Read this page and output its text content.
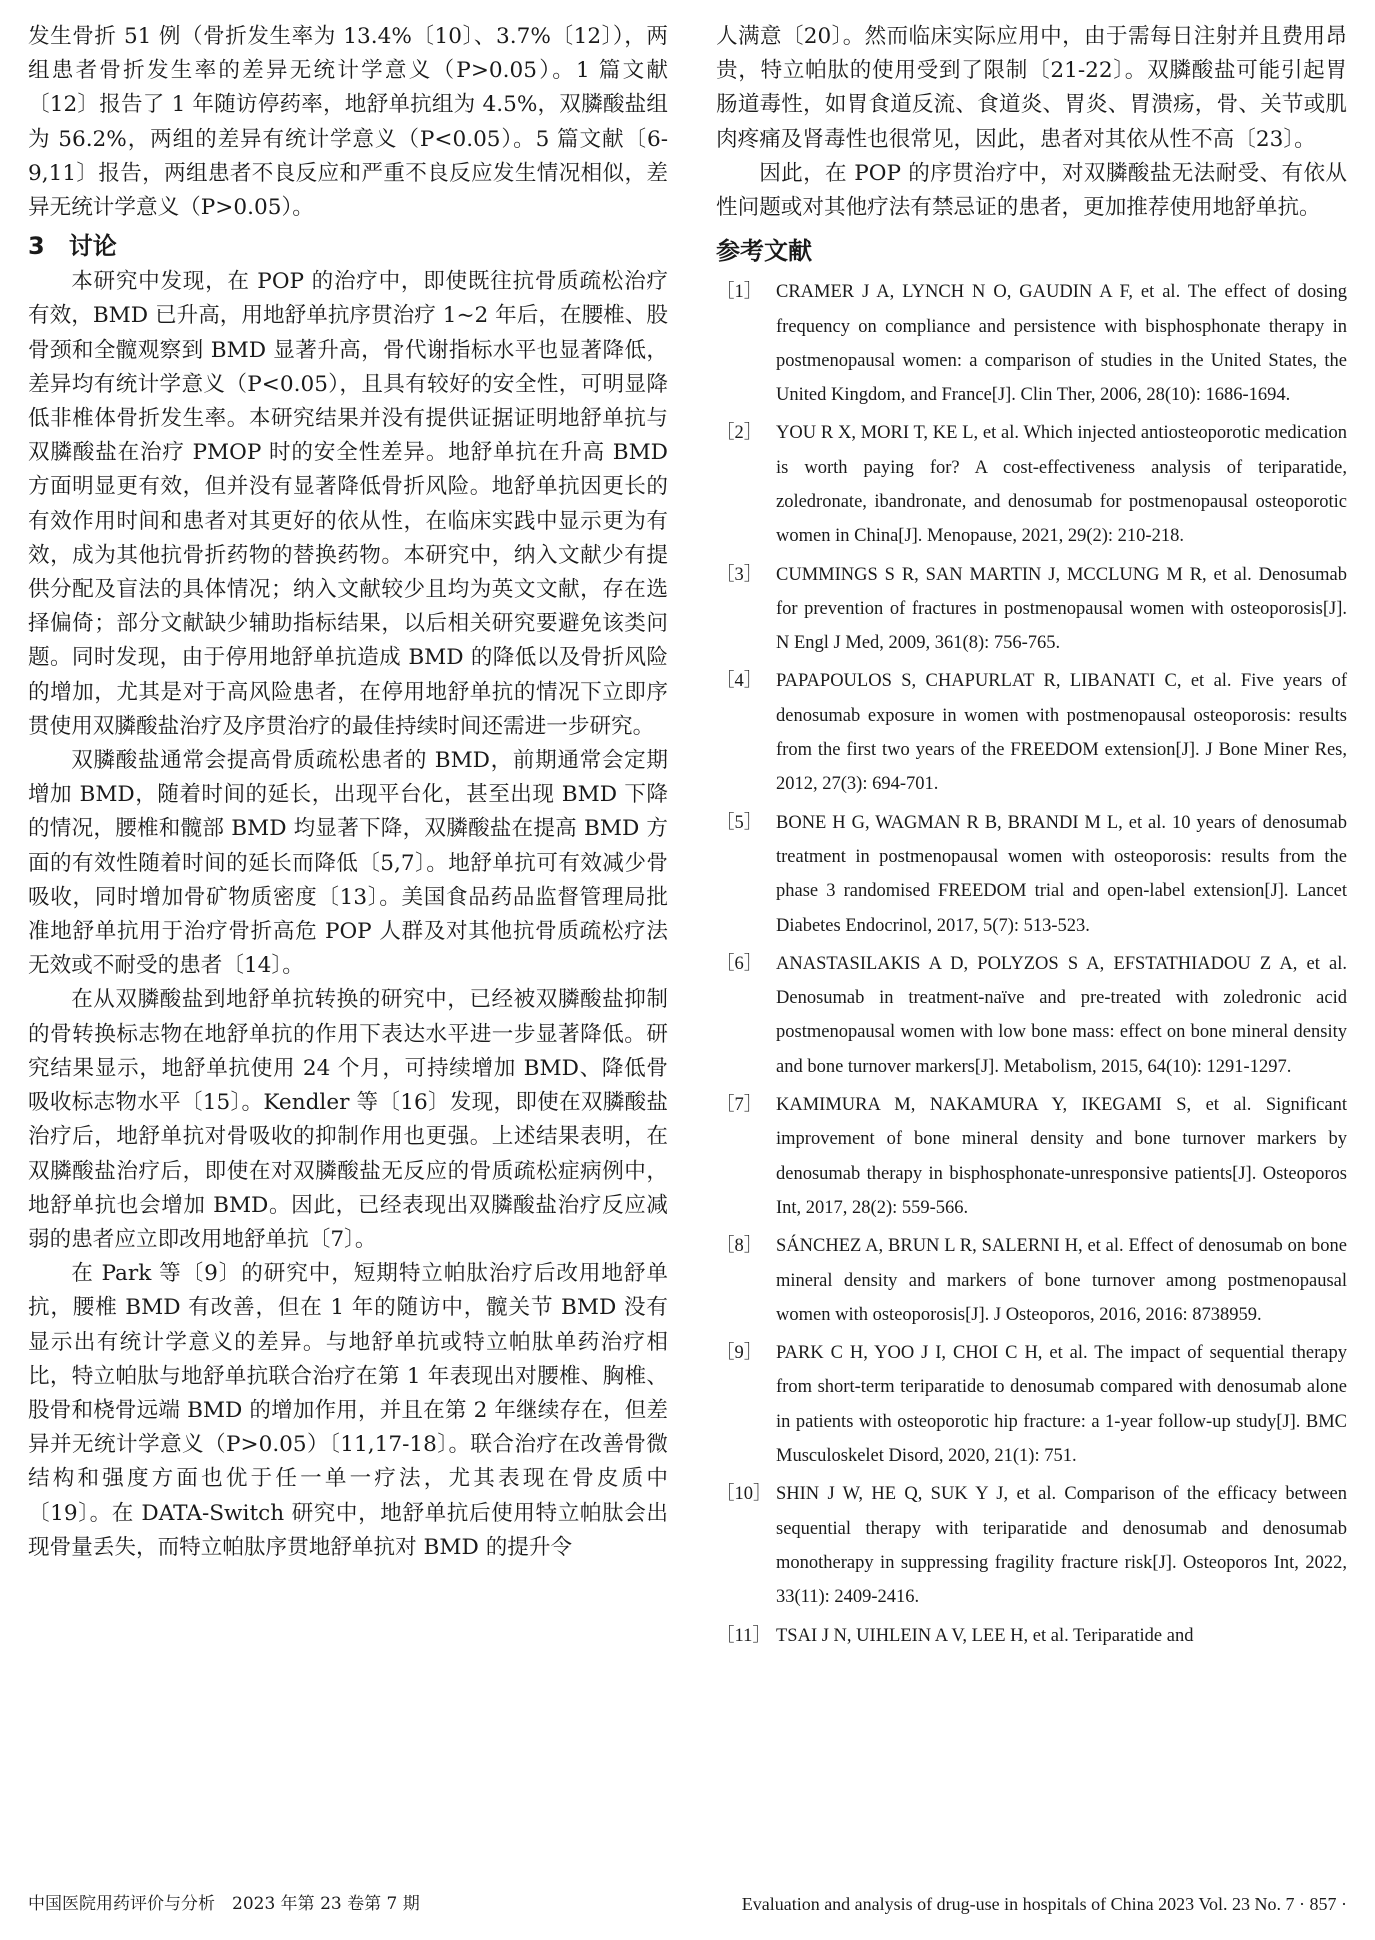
发生骨折 51 例（骨折发生率为 13.4%〔10〕、3.7%〔12〕），两组患者骨折发生率的差异无统计学意义（P>0.05）。1 篇文献〔12〕报告了 1 年随访停药率，地舒单抗组为 4.5%，双膦酸盐组为 56.2%，两组的差异有统计学意义（P<0.05）。5 篇文献〔6-9,11〕报告，两组患者不良反应和严重不良反应发生情况相似，差异无统计学意义（P>0.05）。

3　讨论

本研究中发现，在 POP 的治疗中，即使既往抗骨质疏松治疗有效，BMD 已升高，用地舒单抗序贯治疗 1~2 年后，在腰椎、股骨颈和全髋观察到 BMD 显著升高，骨代谢指标水平也显著降低，差异均有统计学意义（P<0.05），且具有较好的安全性，可明显降低非椎体骨折发生率。本研究结果并没有提供证据证明地舒单抗与双膦酸盐在治疗 PMOP 时的安全性差异。地舒单抗在升高 BMD 方面明显更有效，但并没有显著降低骨折风险。地舒单抗因更长的有效作用时间和患者对其更好的依从性，在临床实践中显示更为有效，成为其他抗骨折药物的替换药物。本研究中，纳入文献少有提供分配及盲法的具体情况；纳入文献较少且均为英文文献，存在选择偏倚；部分文献缺少辅助指标结果，以后相关研究要避免该类问题。同时发现，由于停用地舒单抗造成 BMD 的降低以及骨折风险的增加，尤其是对于高风险患者，在停用地舒单抗的情况下立即序贯使用双膦酸盐治疗及序贯治疗的最佳持续时间还需进一步研究。

双膦酸盐通常会提高骨质疏松患者的 BMD，前期通常会定期增加 BMD，随着时间的延长，出现平台化，甚至出现 BMD 下降的情况，腰椎和髋部 BMD 均显著下降，双膦酸盐在提高 BMD 方面的有效性随着时间的延长而降低〔5,7〕。地舒单抗可有效减少骨吸收，同时增加骨矿物质密度〔13〕。美国食品药品监督管理局批准地舒单抗用于治疗骨折高危 POP 人群及对其他抗骨质疏松疗法无效或不耐受的患者〔14〕。

在从双膦酸盐到地舒单抗转换的研究中，已经被双膦酸盐抑制的骨转换标志物在地舒单抗的作用下表达水平进一步显著降低。研究结果显示，地舒单抗使用 24 个月，可持续增加 BMD、降低骨吸收标志物水平〔15〕。Kendler 等〔16〕发现，即使在双膦酸盐治疗后，地舒单抗对骨吸收的抑制作用也更强。上述结果表明，在双膦酸盐治疗后，即使在对双膦酸盐无反应的骨质疏松症病例中，地舒单抗也会增加 BMD。因此，已经表现出双膦酸盐治疗反应减弱的患者应立即改用地舒单抗〔7〕。

在 Park 等〔9〕的研究中，短期特立帕肽治疗后改用地舒单抗，腰椎 BMD 有改善，但在 1 年的随访中，髋关节 BMD 没有显示出有统计学意义的差异。与地舒单抗或特立帕肽单药治疗相比，特立帕肽与地舒单抗联合治疗在第 1 年表现出对腰椎、胸椎、股骨和桡骨远端 BMD 的增加作用，并且在第 2 年继续存在，但差异并无统计学意义（P>0.05）〔11,17-18〕。联合治疗在改善骨微结构和强度方面也优于任一单一疗法，尤其表现在骨皮质中〔19〕。在 DATA-Switch 研究中，地舒单抗后使用特立帕肽会出现骨量丢失，而特立帕肽序贯地舒单抗对 BMD 的提升令

人满意〔20〕。然而临床实际应用中，由于需每日注射并且费用昂贵，特立帕肽的使用受到了限制〔21-22〕。双膦酸盐可能引起胃肠道毒性，如胃食道反流、食道炎、胃炎、胃溃疡，骨、关节或肌肉疼痛及肾毒性也很常见，因此，患者对其依从性不高〔23〕。

因此，在 POP 的序贯治疗中，对双膦酸盐无法耐受、有依从性问题或对其他疗法有禁忌证的患者，更加推荐使用地舒单抗。

参考文献
［1］ CRAMER J A, LYNCH N O, GAUDIN A F, et al. The effect of dosing frequency on compliance and persistence with bisphosphonate therapy in postmenopausal women: a comparison of studies in the United States, the United Kingdom, and France[J]. Clin Ther, 2006, 28(10): 1686-1694.
［2］ YOU R X, MORI T, KE L, et al. Which injected antiosteoporotic medication is worth paying for? A cost-effectiveness analysis of teriparatide, zoledronate, ibandronate, and denosumab for postmenopausal osteoporotic women in China[J]. Menopause, 2021, 29(2): 210-218.
［3］ CUMMINGS S R, SAN MARTIN J, MCCLUNG M R, et al. Denosumab for prevention of fractures in postmenopausal women with osteoporosis[J]. N Engl J Med, 2009, 361(8): 756-765.
［4］ PAPAPOULOS S, CHAPURLAT R, LIBANATI C, et al. Five years of denosumab exposure in women with postmenopausal osteoporosis: results from the first two years of the FREEDOM extension[J]. J Bone Miner Res, 2012, 27(3): 694-701.
［5］ BONE H G, WAGMAN R B, BRANDI M L, et al. 10 years of denosumab treatment in postmenopausal women with osteoporosis: results from the phase 3 randomised FREEDOM trial and open-label extension[J]. Lancet Diabetes Endocrinol, 2017, 5(7): 513-523.
［6］ ANASTASILAKIS A D, POLYZOS S A, EFSTATHIADOU Z A, et al. Denosumab in treatment-naïve and pre-treated with zoledronic acid postmenopausal women with low bone mass: effect on bone mineral density and bone turnover markers[J]. Metabolism, 2015, 64(10): 1291-1297.
［7］ KAMIMURA M, NAKAMURA Y, IKEGAMI S, et al. Significant improvement of bone mineral density and bone turnover markers by denosumab therapy in bisphosphonate-unresponsive patients[J]. Osteoporos Int, 2017, 28(2): 559-566.
［8］ SÁNCHEZ A, BRUN L R, SALERNI H, et al. Effect of denosumab on bone mineral density and markers of bone turnover among postmenopausal women with osteoporosis[J]. J Osteoporos, 2016, 2016: 8738959.
［9］ PARK C H, YOO J I, CHOI C H, et al. The impact of sequential therapy from short-term teriparatide to denosumab compared with denosumab alone in patients with osteoporotic hip fracture: a 1-year follow-up study[J]. BMC Musculoskelet Disord, 2020, 21(1): 751.
［10］ SHIN J W, HE Q, SUK Y J, et al. Comparison of the efficacy between sequential therapy with teriparatide and denosumab and denosumab monotherapy in suppressing fragility fracture risk[J]. Osteoporos Int, 2022, 33(11): 2409-2416.
［11］ TSAI J N, UIHLEIN A V, LEE H, et al. Teriparatide and
中国医院用药评价与分析　2023 年第 23 卷第 7 期	Evaluation and analysis of drug-use in hospitals of China 2023 Vol. 23 No. 7 · 857 ·
